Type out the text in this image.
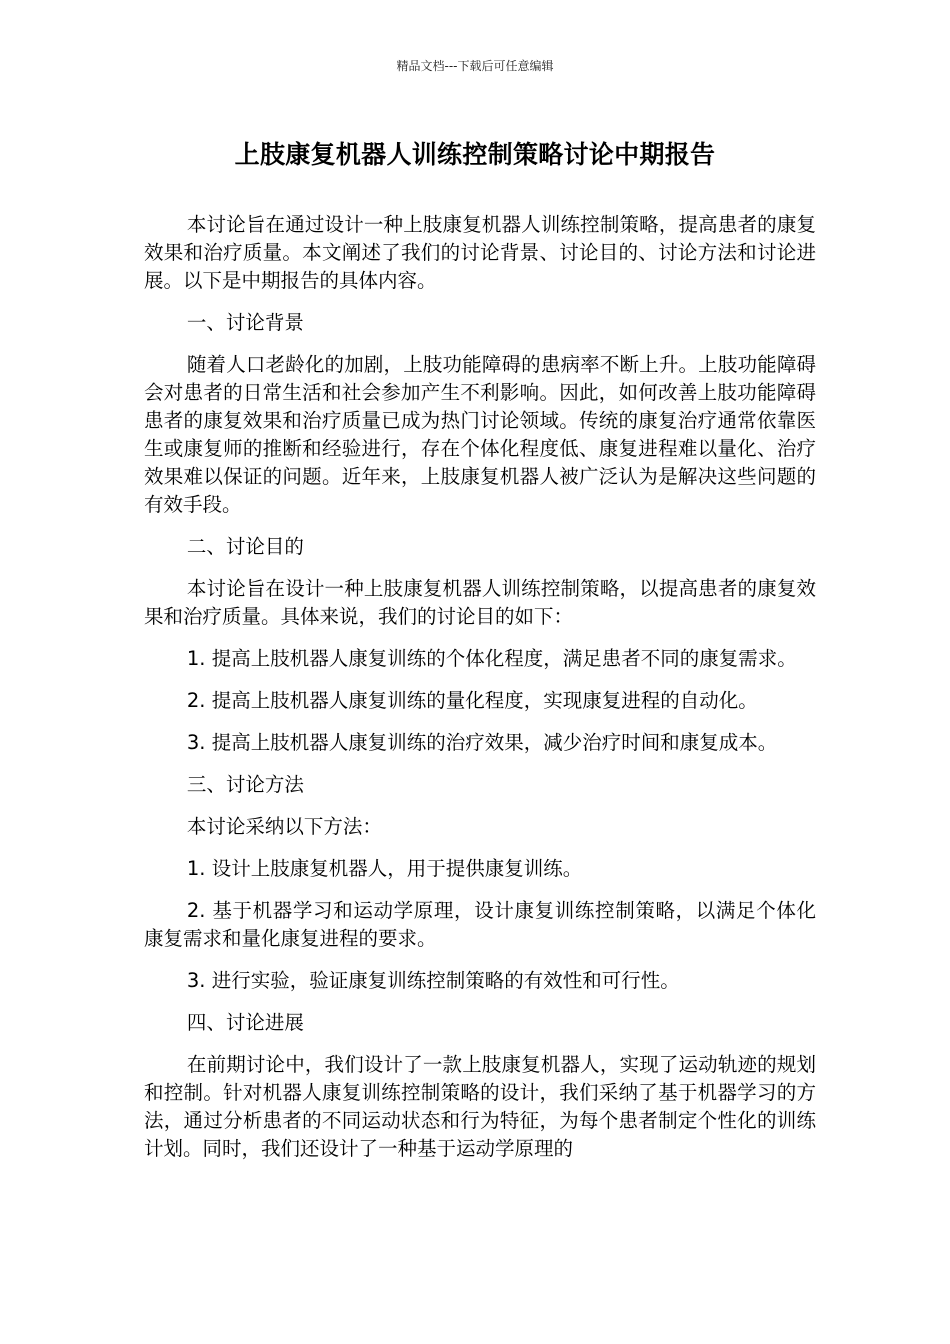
精品文档---下载后可任意编辑
上肢康复机器人训练控制策略讨论中期报告

本讨论旨在通过设计一种上肢康复机器人训练控制策略，提高患者的康复效果和治疗质量。本文阐述了我们的讨论背景、讨论目的、讨论方法和讨论进展。以下是中期报告的具体内容。

一、讨论背景

随着人口老龄化的加剧，上肢功能障碍的患病率不断上升。上肢功能障碍会对患者的日常生活和社会参加产生不利影响。因此，如何改善上肢功能障碍患者的康复效果和治疗质量已成为热门讨论领域。传统的康复治疗通常依靠医生或康复师的推断和经验进行，存在个体化程度低、康复进程难以量化、治疗效果难以保证的问题。近年来，上肢康复机器人被广泛认为是解决这些问题的有效手段。

二、讨论目的

本讨论旨在设计一种上肢康复机器人训练控制策略，以提高患者的康复效果和治疗质量。具体来说，我们的讨论目的如下：

1. 提高上肢机器人康复训练的个体化程度，满足患者不同的康复需求。

2. 提高上肢机器人康复训练的量化程度，实现康复进程的自动化。

3. 提高上肢机器人康复训练的治疗效果，减少治疗时间和康复成本。

三、讨论方法

本讨论采纳以下方法：

1. 设计上肢康复机器人，用于提供康复训练。

2. 基于机器学习和运动学原理，设计康复训练控制策略，以满足个体化康复需求和量化康复进程的要求。

3. 进行实验，验证康复训练控制策略的有效性和可行性。

四、讨论进展

在前期讨论中，我们设计了一款上肢康复机器人，实现了运动轨迹的规划和控制。针对机器人康复训练控制策略的设计，我们采纳了基于机器学习的方法，通过分析患者的不同运动状态和行为特征，为每个患者制定个性化的训练计划。同时，我们还设计了一种基于运动学原理的
